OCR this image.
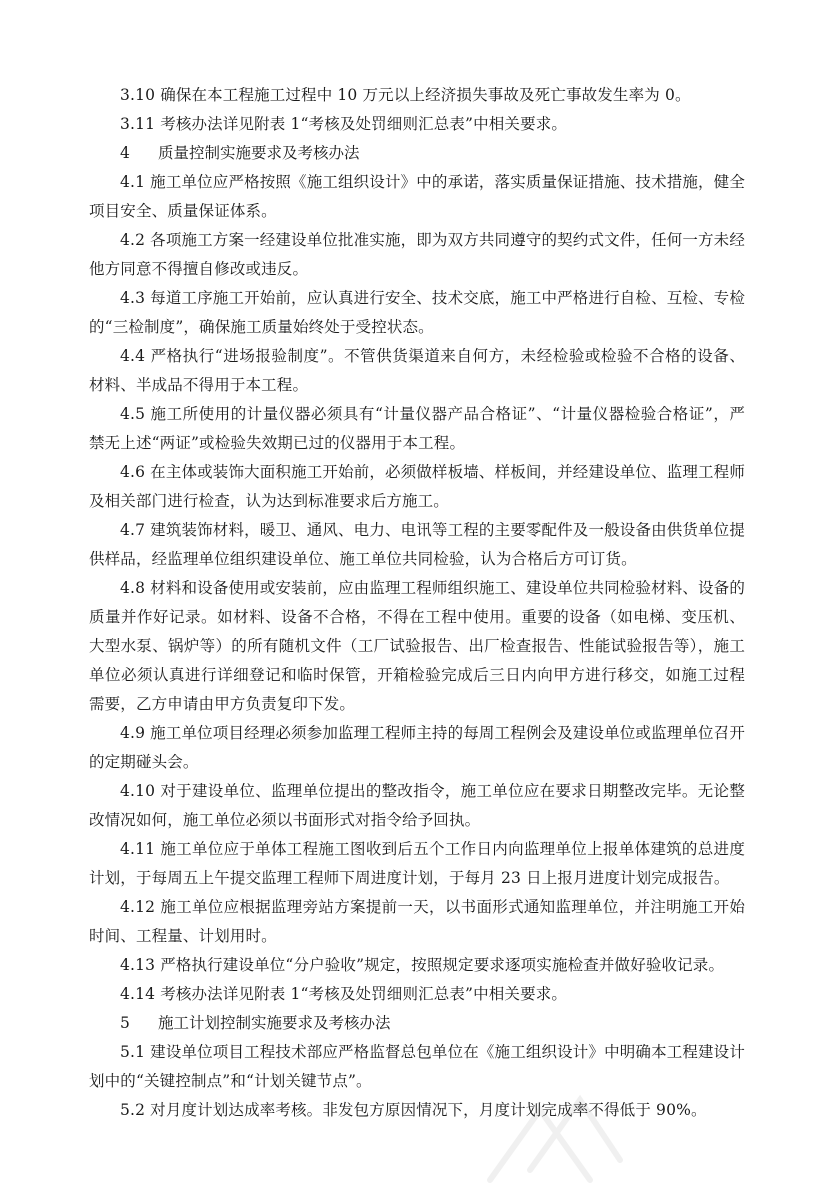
3.10 确保在本工程施工过程中 10 万元以上经济损失事故及死亡事故发生率为 0。

3.11 考核办法详见附表 1“考核及处罚细则汇总表”中相关要求。

4 质量控制实施要求及考核办法

4.1 施工单位应严格按照《施工组织设计》中的承诺，落实质量保证措施、技术措施，健全项目安全、质量保证体系。

4.2 各项施工方案一经建设单位批准实施，即为双方共同遵守的契约式文件，任何一方未经他方同意不得擅自修改或违反。

4.3 每道工序施工开始前，应认真进行安全、技术交底，施工中严格进行自检、互检、专检的“三检制度”，确保施工质量始终处于受控状态。

4.4 严格执行“进场报验制度”。不管供货渠道来自何方，未经检验或检验不合格的设备、材料、半成品不得用于本工程。

4.5 施工所使用的计量仪器必须具有“计量仪器产品合格证”、“计量仪器检验合格证”，严禁无上述“两证”或检验失效期已过的仪器用于本工程。

4.6 在主体或装饰大面积施工开始前，必须做样板墙、样板间，并经建设单位、监理工程师及相关部门进行检查，认为达到标准要求后方施工。

4.7 建筑装饰材料，暖卫、通风、电力、电讯等工程的主要零配件及一般设备由供货单位提供样品，经监理单位组织建设单位、施工单位共同检验，认为合格后方可订货。

4.8 材料和设备使用或安装前，应由监理工程师组织施工、建设单位共同检验材料、设备的质量并作好记录。如材料、设备不合格，不得在工程中使用。重要的设备（如电梯、变压机、大型水泵、锅炉等）的所有随机文件（工厂试验报告、出厂检查报告、性能试验报告等），施工单位必须认真进行详细登记和临时保管，开箱检验完成后三日内向甲方进行移交，如施工过程需要，乙方申请由甲方负责复印下发。

4.9 施工单位项目经理必须参加监理工程师主持的每周工程例会及建设单位或监理单位召开的定期碰头会。

4.10 对于建设单位、监理单位提出的整改指令，施工单位应在要求日期整改完毕。无论整改情况如何，施工单位必须以书面形式对指令给予回执。

4.11 施工单位应于单体工程施工图收到后五个工作日内向监理单位上报单体建筑的总进度计划，于每周五上午提交监理工程师下周进度计划，于每月 23 日上报月进度计划完成报告。

4.12 施工单位应根据监理旁站方案提前一天，以书面形式通知监理单位，并注明施工开始时间、工程量、计划用时。

4.13 严格执行建设单位“分户验收”规定，按照规定要求逐项实施检查并做好验收记录。

4.14 考核办法详见附表 1“考核及处罚细则汇总表”中相关要求。

5 施工计划控制实施要求及考核办法

5.1 建设单位项目工程技术部应严格监督总包单位在《施工组织设计》中明确本工程建设计划中的“关键控制点”和“计划关键节点”。

5.2 对月度计划达成率考核。非发包方原因情况下，月度计划完成率不得低于 90%。
